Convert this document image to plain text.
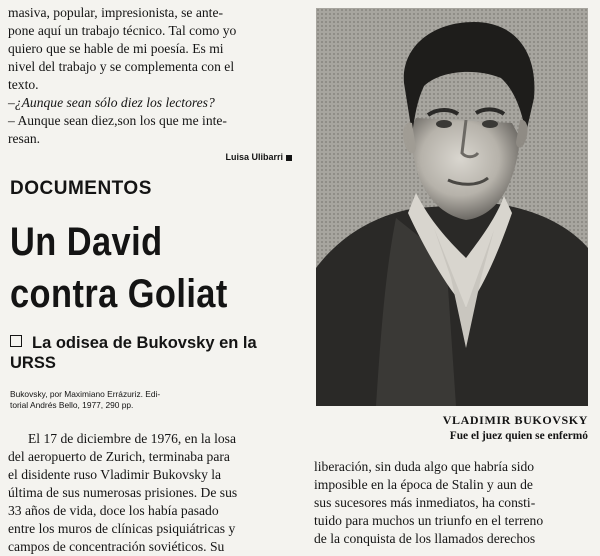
masiva, popular, impresionista, se ante-
pone aquí un trabajo técnico. Tal como yo
quiero que se hable de mi poesía. Es mi
nivel del trabajo y se complementa con el
texto.
–¿Aunque sean sólo diez los lectores?
– Aunque sean diez,son los que me inte-
resan.

Luisa Ulibarri
DOCUMENTOS
Un David
contra Goliat
La odisea de Bukovsky en la URSS
Bukovsky, por Maximiano Errázuriz. Edi-
torial Andrés Bello, 1977, 290 pp.

El 17 de diciembre de 1976, en la losa
del aeropuerto de Zurich, terminaba para
el disidente ruso Vladimir Bukovsky la
última de sus numerosas prisiones. De sus
33 años de vida, doce los había pasado
entre los muros de clínicas psiquiátricas y
campos de concentración soviéticos. Su

VLADIMIR BUKOVSKY
Fue el juez quien se enfermó

liberación, sin duda algo que habría sido
imposible en la época de Stalin y aun de
sus sucesores más inmediatos, ha consti-
tuido para muchos un triunfo en el terreno
de la conquista de los llamados derechos
